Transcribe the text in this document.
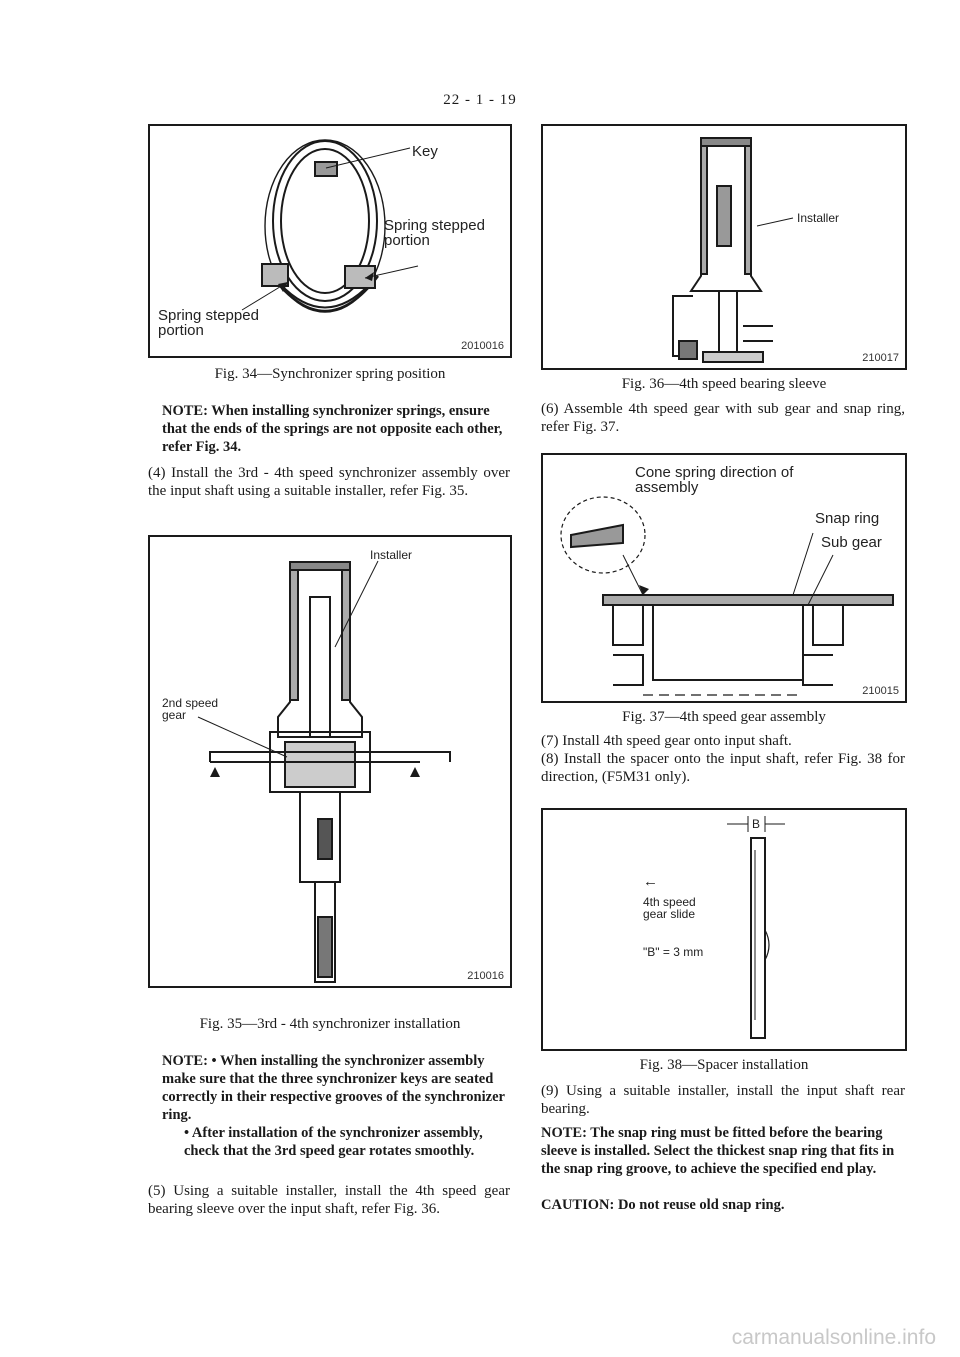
22 - 1 - 19
Key
Spring stepped portion
Spring stepped portion
2010016
Fig. 34—Synchronizer spring position
NOTE: When installing synchronizer springs, ensure that the ends of the springs are not opposite each other, refer Fig. 34.
(4) Install the 3rd - 4th speed synchronizer assembly over the input shaft using a suitable installer, refer Fig. 35.
Installer
2nd speed gear
210016
Fig. 35—3rd - 4th synchronizer installation
NOTE: • When installing the synchronizer assembly make sure that the three synchronizer keys are seated correctly in their respective grooves of the synchronizer ring.
• After installation of the synchronizer assembly, check that the 3rd speed gear rotates smoothly.
(5) Using a suitable installer, install the 4th speed gear bearing sleeve over the input shaft, refer Fig. 36.
Installer
210017
Fig. 36—4th speed bearing sleeve
(6) Assemble 4th speed gear with sub gear and snap ring, refer Fig. 37.
Cone spring direction of assembly
Snap ring
Sub gear
210015
Fig. 37—4th speed gear assembly
(7) Install 4th speed gear onto input shaft.
(8) Install the spacer onto the input shaft, refer Fig. 38 for direction, (F5M31 only).
B
←
4th speed gear slide
"B" = 3 mm
Fig. 38—Spacer installation
(9) Using a suitable installer, install the input shaft rear bearing.
NOTE: The snap ring must be fitted before the bearing sleeve is installed. Select the thickest snap ring that fits in the snap ring groove, to achieve the specified end play.
CAUTION: Do not reuse old snap ring.
carmanualsonline.info
